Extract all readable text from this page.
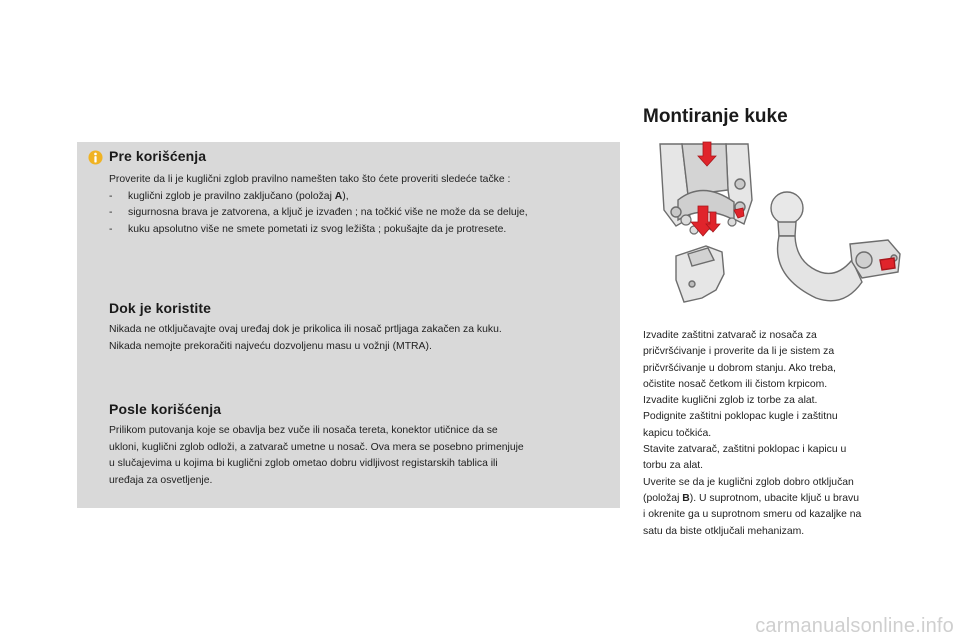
Pre korišćenja

Proverite da li je kuglični zglob pravilno namešten tako što ćete proveriti sledeće tačke :

- kuglični zglob je pravilno zaključano (položaj A),
- sigurnosna brava je zatvorena, a ključ je izvađen ; na točkić više ne može da se deluje,
- kuku apsolutno više ne smete pometati iz svog ležišta ; pokušajte da je protresete.
Dok je koristite

Nikada ne otključavajte ovaj uređaj dok je prikolica ili nosač prtljaga zakačen za kuku.

Nikada nemojte prekoračiti najveću dozvoljenu masu u vožnji (MTRA).

Posle korišćenja

Prilikom putovanja koje se obavlja bez vuče ili nosača tereta, konektor utičnice da se

ukloni, kuglični zglob odloži, a zatvarač umetne u nosač. Ova mera se posebno primenjuje

u slučajevima u kojima bi kuglični zglob ometao dobru vidljivost registarskih tablica ili

uređaja za osvetljenje.

Montiranje kuke

Izvadite zaštitni zatvarač iz nosača za

pričvršćivanje i proverite da li je sistem za

pričvršćivanje u dobrom stanju. Ako treba,

očistite nosač četkom ili čistom krpicom.

Izvadite kuglični zglob iz torbe za alat.

Podignite zaštitni poklopac kugle i zaštitnu

kapicu točkića.

Stavite zatvarač, zaštitni poklopac i kapicu u

torbu za alat.

Uverite se da je kuglični zglob dobro otključan

(položaj B). U suprotnom, ubacite ključ u bravu

i okrenite ga u suprotnom smeru od kazaljke na

satu da biste otključali mehanizam.

carmanualsonline.info
